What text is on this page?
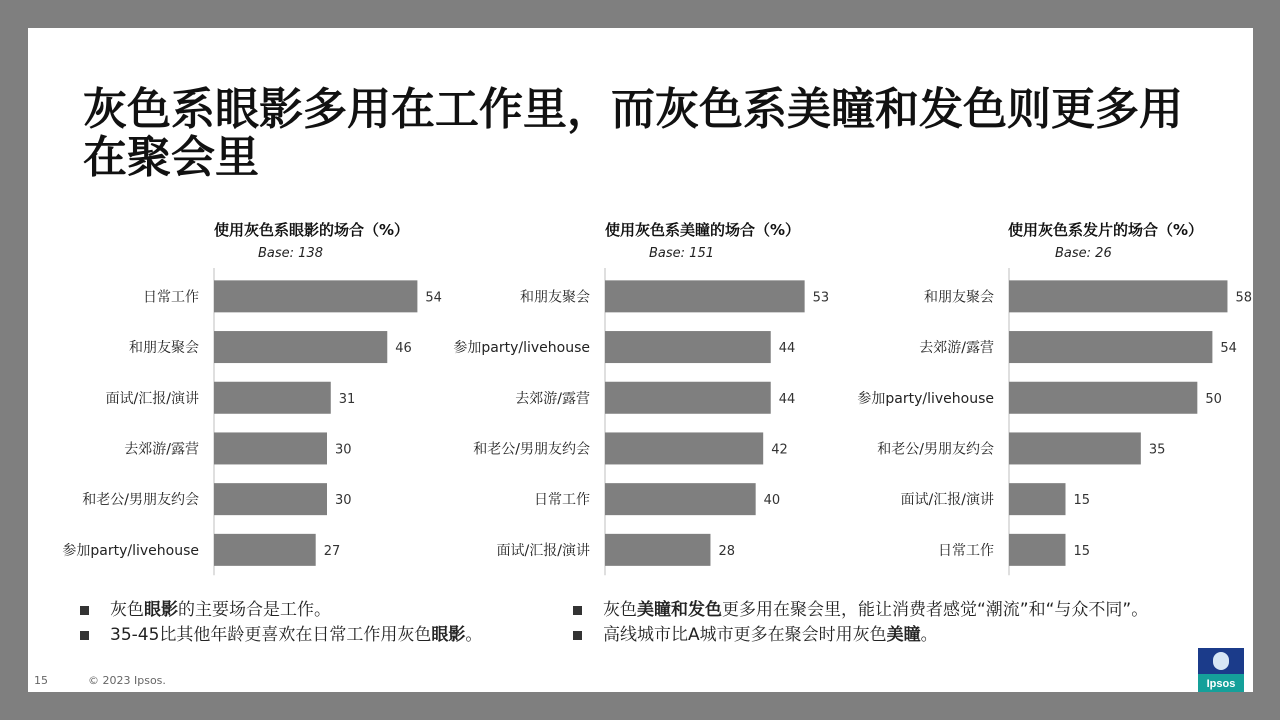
灰色系眼影多用在工作里，而灰色系美瞳和发色则更多用在聚会里
使用灰色系眼影的场合（%）
Base: 138
日常工作	54
和朋友聚会	46
面试/汇报/演讲	31
去郊游/露营	30
和老公/男朋友约会	30
参加party/livehouse	27
使用灰色系美瞳的场合（%）
Base: 151
和朋友聚会	53
参加party/livehouse	44
去郊游/露营	44
和老公/男朋友约会	42
日常工作	40
面试/汇报/演讲	28
使用灰色系发片的场合（%）
Base: 26
和朋友聚会	58
去郊游/露营	54
参加party/livehouse	50
和老公/男朋友约会	35
面试/汇报/演讲	15
日常工作	15
灰色眼影的主要场合是工作。
35-45比其他年龄更喜欢在日常工作用灰色眼影。
灰色美瞳和发色更多用在聚会里，能让消费者感觉“潮流”和“与众不同”。
高线城市比A城市更多在聚会时用灰色美瞳。
15	© 2023 Ipsos.	Ipsos
